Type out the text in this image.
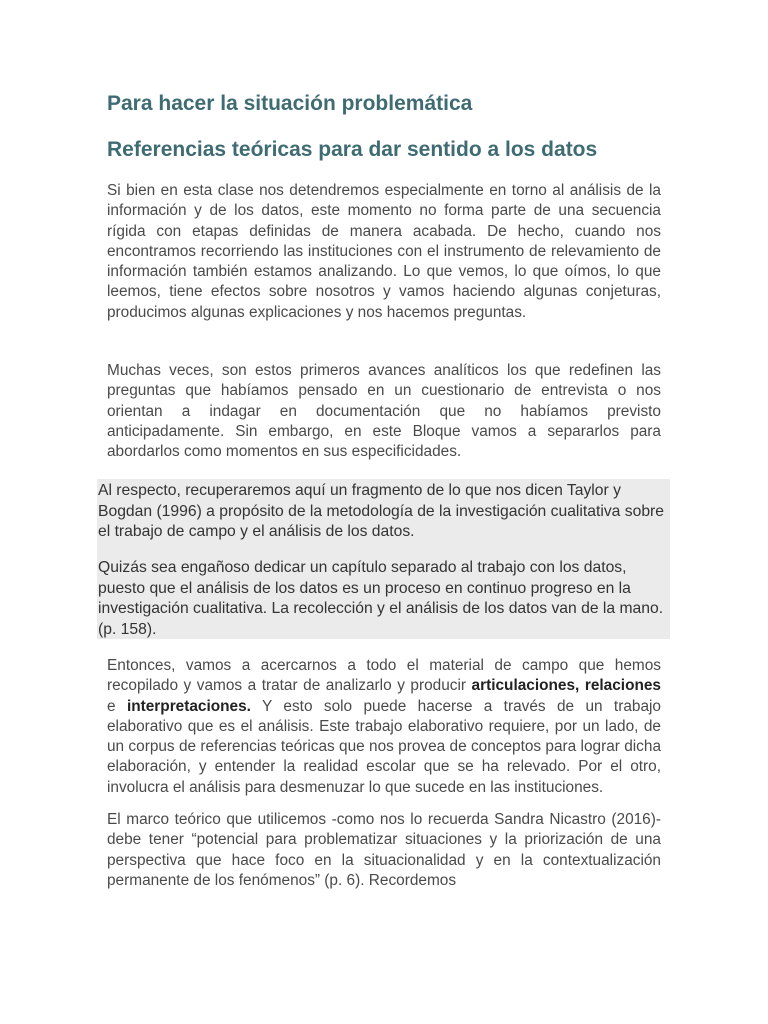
Para hacer la situación problemática
Referencias teóricas para dar sentido a los datos

Si bien en esta clase nos detendremos especialmente en torno al análisis de la información y de los datos, este momento no forma parte de una secuencia rígida con etapas definidas de manera acabada. De hecho, cuando nos encontramos recorriendo las instituciones con el instrumento de relevamiento de información también estamos analizando. Lo que vemos, lo que oímos, lo que leemos, tiene efectos sobre nosotros y vamos haciendo algunas conjeturas, producimos algunas explicaciones y nos hacemos preguntas.

Muchas veces, son estos primeros avances analíticos los que redefinen las preguntas que habíamos pensado en un cuestionario de entrevista o nos orientan a indagar en documentación que no habíamos previsto anticipadamente. Sin embargo, en este Bloque vamos a separarlos para abordarlos como momentos en sus especificidades.

Al respecto, recuperaremos aquí un fragmento de lo que nos dicen Taylor y Bogdan (1996) a propósito de la metodología de la investigación cualitativa sobre el trabajo de campo y el análisis de los datos.

Quizás sea engañoso dedicar un capítulo separado al trabajo con los datos, puesto que el análisis de los datos es un proceso en continuo progreso en la investigación cualitativa. La recolección y el análisis de los datos van de la mano. (p. 158).

Entonces, vamos a acercarnos a todo el material de campo que hemos recopilado y vamos a tratar de analizarlo y producir articulaciones, relaciones e interpretaciones. Y esto solo puede hacerse a través de un trabajo elaborativo que es el análisis. Este trabajo elaborativo requiere, por un lado, de un corpus de referencias teóricas que nos provea de conceptos para lograr dicha elaboración, y entender la realidad escolar que se ha relevado. Por el otro, involucra el análisis para desmenuzar lo que sucede en las instituciones.

El marco teórico que utilicemos -como nos lo recuerda Sandra Nicastro (2016)- debe tener “potencial para problematizar situaciones y la priorización de una perspectiva que hace foco en la situacionalidad y en la contextualización permanente de los fenómenos” (p. 6). Recordemos
